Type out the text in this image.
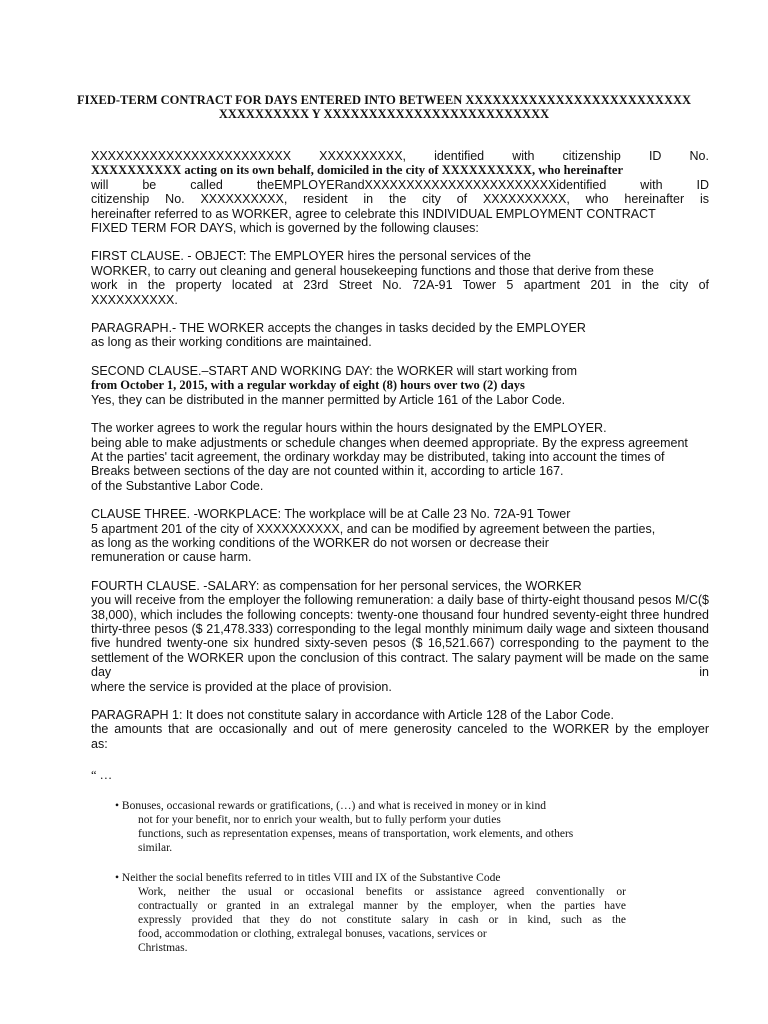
FIXED-TERM CONTRACT FOR DAYS ENTERED INTO BETWEEN XXXXXXXXXXXXXXXXXXXXXXXXX
XXXXXXXXXX Y XXXXXXXXXXXXXXXXXXXXXXXXX
XXXXXXXXXXXXXXXXXXXXXXXX XXXXXXXXXX, identified with citizenship ID No.
XXXXXXXXXX acting on its own behalf, domiciled in the city of XXXXXXXXXX, who hereinafter
will be called theEMPLOYERandXXXXXXXXXXXXXXXXXXXXXXXidentified with ID
citizenship No. XXXXXXXXXX, resident in the city of XXXXXXXXXX, who hereinafter is
hereinafter referred to as WORKER, agree to celebrate this INDIVIDUAL EMPLOYMENT CONTRACT
FIXED TERM FOR DAYS, which is governed by the following clauses:
FIRST CLAUSE. - OBJECT: The EMPLOYER hires the personal services of the
WORKER, to carry out cleaning and general housekeeping functions and those that derive from these
work in the property located at 23rd Street No. 72A-91 Tower 5 apartment 201 in the city of
XXXXXXXXXX.
PARAGRAPH.- THE WORKER accepts the changes in tasks decided by the EMPLOYER
as long as their working conditions are maintained.
SECOND CLAUSE.–START AND WORKING DAY: the WORKER will start working from
from October 1, 2015, with a regular workday of eight (8) hours over two (2) days
Yes, they can be distributed in the manner permitted by Article 161 of the Labor Code.
The worker agrees to work the regular hours within the hours designated by the EMPLOYER.
being able to make adjustments or schedule changes when deemed appropriate. By the express agreement
At the parties' tacit agreement, the ordinary workday may be distributed, taking into account the times of
Breaks between sections of the day are not counted within it, according to article 167.
of the Substantive Labor Code.
CLAUSE THREE. -WORKPLACE: The workplace will be at Calle 23 No. 72A-91 Tower
5 apartment 201 of the city of XXXXXXXXXX, and can be modified by agreement between the parties,
as long as the working conditions of the WORKER do not worsen or decrease their
remuneration or cause harm.
FOURTH CLAUSE. -SALARY: as compensation for her personal services, the WORKER
you will receive from the employer the following remuneration: a daily base of thirty-eight thousand pesos M/C($
38,000), which includes the following concepts: twenty-one thousand four hundred seventy-eight three hundred
thirty-three pesos ($ 21,478.333) corresponding to the legal monthly minimum daily wage and sixteen thousand
five hundred twenty-one six hundred sixty-seven pesos ($ 16,521.667) corresponding to the payment to the
settlement of the WORKER upon the conclusion of this contract. The salary payment will be made on the same day in
where the service is provided at the place of provision.
PARAGRAPH 1: It does not constitute salary in accordance with Article 128 of the Labor Code.
the amounts that are occasionally and out of mere generosity canceled to the WORKER by the employer
as:
“ …
• Bonuses, occasional rewards or gratifications, (…) and what is received in money or in kind
not for your benefit, nor to enrich your wealth, but to fully perform your duties
functions, such as representation expenses, means of transportation, work elements, and others
similar.
• Neither the social benefits referred to in titles VIII and IX of the Substantive Code
Work, neither the usual or occasional benefits or assistance agreed conventionally or
contractually or granted in an extralegal manner by the employer, when the parties have
expressly provided that they do not constitute salary in cash or in kind, such as the
food, accommodation or clothing, extralegal bonuses, vacations, services or
Christmas.
